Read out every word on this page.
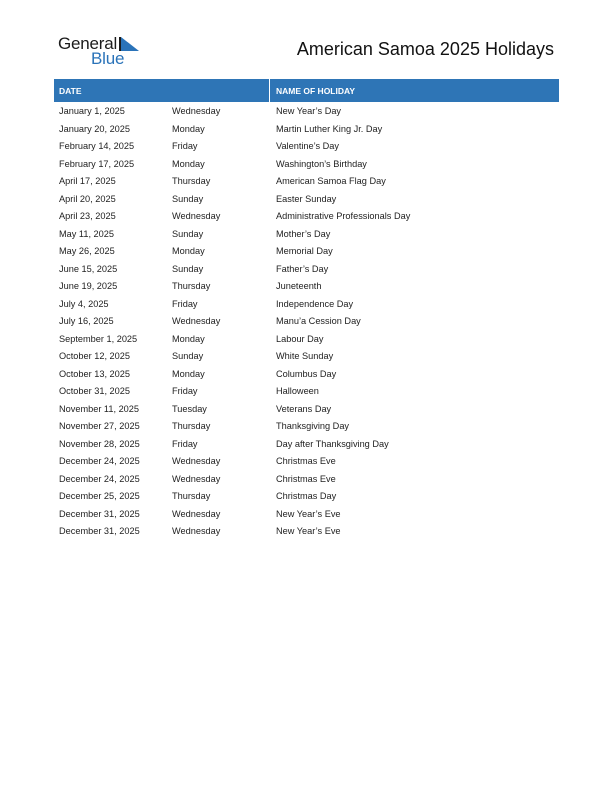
General
Blue	American Samoa 2025 Holidays
DATE	NAME OF HOLIDAY
January 1, 2025	Wednesday	New Year’s Day
January 20, 2025	Monday	Martin Luther King Jr. Day
February 14, 2025	Friday	Valentine’s Day
February 17, 2025	Monday	Washington’s Birthday
April 17, 2025	Thursday	American Samoa Flag Day
April 20, 2025	Sunday	Easter Sunday
April 23, 2025	Wednesday	Administrative Professionals Day
May 11, 2025	Sunday	Mother’s Day
May 26, 2025	Monday	Memorial Day
June 15, 2025	Sunday	Father’s Day
June 19, 2025	Thursday	Juneteenth
July 4, 2025	Friday	Independence Day
July 16, 2025	Wednesday	Manu’a Cession Day
September 1, 2025	Monday	Labour Day
October 12, 2025	Sunday	White Sunday
October 13, 2025	Monday	Columbus Day
October 31, 2025	Friday	Halloween
November 11, 2025	Tuesday	Veterans Day
November 27, 2025	Thursday	Thanksgiving Day
November 28, 2025	Friday	Day after Thanksgiving Day
December 24, 2025	Wednesday	Christmas Eve
December 24, 2025	Wednesday	Christmas Eve
December 25, 2025	Thursday	Christmas Day
December 31, 2025	Wednesday	New Year’s Eve
December 31, 2025	Wednesday	New Year’s Eve
